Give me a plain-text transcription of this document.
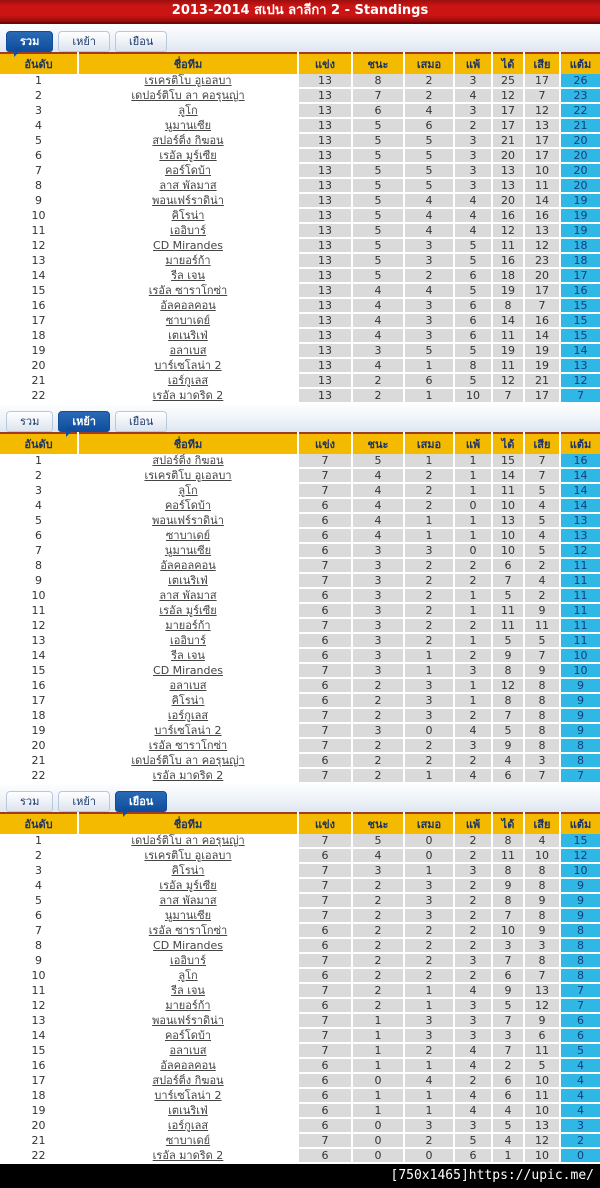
2013-2014 สเปน ลาลีกา 2 - Standings
รวม	เหย้า	เยือน
อันดับ	ชื่อทีม	แข่ง	ชนะ	เสมอ	แพ้	ได้	เสีย	แต้ม
1	เรเครติโบ อูเอลบา	13	8	2	3	25	17	26
2	เดปอร์ติโบ ลา คอรุนญ่า	13	7	2	4	12	7	23
3	ลูโก	13	6	4	3	17	12	22
4	นูมานเซีย	13	5	6	2	17	13	21
5	สปอร์ติ้ง กิฆอน	13	5	5	3	21	17	20
6	เรอัล มูร์เซีย	13	5	5	3	20	17	20
7	คอร์โดบ้า	13	5	5	3	13	10	20
8	ลาส พัลมาส	13	5	5	3	13	11	20
9	พอนเฟร์ราดิน่า	13	5	4	4	20	14	19
10	คิโรน่า	13	5	4	4	16	16	19
11	เออิบาร์	13	5	4	4	12	13	19
12	CD Mirandes	13	5	3	5	11	12	18
13	มายอร์ก้า	13	5	3	5	16	23	18
14	รีล เจน	13	5	2	6	18	20	17
15	เรอัล ซาราโกซ่า	13	4	4	5	19	17	16
16	อัลคอลคอน	13	4	3	6	8	7	15
17	ซาบาเดย์	13	4	3	6	14	16	15
18	เตเนริเฟ่	13	4	3	6	11	14	15
19	อลาเบส	13	3	5	5	19	19	14
20	บาร์เซโลน่า 2	13	4	1	8	11	19	13
21	เอร์กูเลส	13	2	6	5	12	21	12
22	เรอัล มาดริด 2	13	2	1	10	7	17	7
รวม	เหย้า	เยือน
อันดับ	ชื่อทีม	แข่ง	ชนะ	เสมอ	แพ้	ได้	เสีย	แต้ม
1	สปอร์ติ้ง กิฆอน	7	5	1	1	15	7	16
2	เรเครติโบ อูเอลบา	7	4	2	1	14	7	14
3	ลูโก	7	4	2	1	11	5	14
4	คอร์โดบ้า	6	4	2	0	10	4	14
5	พอนเฟร์ราดิน่า	6	4	1	1	13	5	13
6	ซาบาเดย์	6	4	1	1	10	4	13
7	นูมานเซีย	6	3	3	0	10	5	12
8	อัลคอลคอน	7	3	2	2	6	2	11
9	เตเนริเฟ่	7	3	2	2	7	4	11
10	ลาส พัลมาส	6	3	2	1	5	2	11
11	เรอัล มูร์เซีย	6	3	2	1	11	9	11
12	มายอร์ก้า	7	3	2	2	11	11	11
13	เออิบาร์	6	3	2	1	5	5	11
14	รีล เจน	6	3	1	2	9	7	10
15	CD Mirandes	7	3	1	3	8	9	10
16	อลาเบส	6	2	3	1	12	8	9
17	คิโรน่า	6	2	3	1	8	8	9
18	เอร์กูเลส	7	2	3	2	7	8	9
19	บาร์เซโลน่า 2	7	3	0	4	5	8	9
20	เรอัล ซาราโกซ่า	7	2	2	3	9	8	8
21	เดปอร์ติโบ ลา คอรุนญ่า	6	2	2	2	4	3	8
22	เรอัล มาดริด 2	7	2	1	4	6	7	7
รวม	เหย้า	เยือน
อันดับ	ชื่อทีม	แข่ง	ชนะ	เสมอ	แพ้	ได้	เสีย	แต้ม
1	เดปอร์ติโบ ลา คอรุนญ่า	7	5	0	2	8	4	15
2	เรเครติโบ อูเอลบา	6	4	0	2	11	10	12
3	คิโรน่า	7	3	1	3	8	8	10
4	เรอัล มูร์เซีย	7	2	3	2	9	8	9
5	ลาส พัลมาส	7	2	3	2	8	9	9
6	นูมานเซีย	7	2	3	2	7	8	9
7	เรอัล ซาราโกซ่า	6	2	2	2	10	9	8
8	CD Mirandes	6	2	2	2	3	3	8
9	เออิบาร์	7	2	2	3	7	8	8
10	ลูโก	6	2	2	2	6	7	8
11	รีล เจน	7	2	1	4	9	13	7
12	มายอร์ก้า	6	2	1	3	5	12	7
13	พอนเฟร์ราดิน่า	7	1	3	3	7	9	6
14	คอร์โดบ้า	7	1	3	3	3	6	6
15	อลาเบส	7	1	2	4	7	11	5
16	อัลคอลคอน	6	1	1	4	2	5	4
17	สปอร์ติ้ง กิฆอน	6	0	4	2	6	10	4
18	บาร์เซโลน่า 2	6	1	1	4	6	11	4
19	เตเนริเฟ่	6	1	1	4	4	10	4
20	เอร์กูเลส	6	0	3	3	5	13	3
21	ซาบาเดย์	7	0	2	5	4	12	2
22	เรอัล มาดริด 2	6	0	0	6	1	10	0
[750x1465]https://upic.me/
